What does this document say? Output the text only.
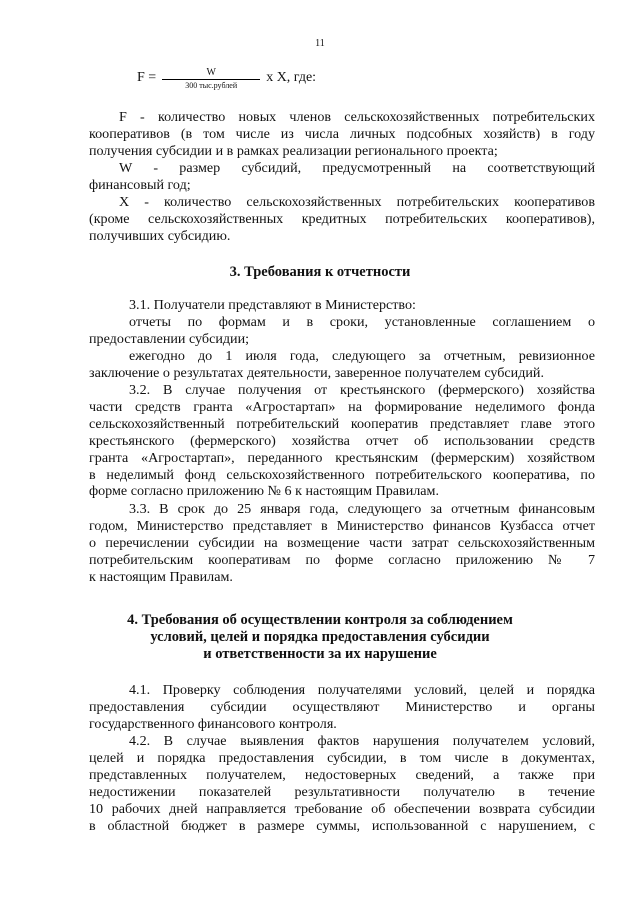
11
$F = \frac{W}{\text{300 тыс.рублей}}$ х X, где:
F - количество новых членов сельскохозяйственных потребительских
кооперативов (в том числе из числа личных подсобных хозяйств) в году
получения субсидии и в рамках реализации регионального проекта;
W - размер субсидий, предусмотренный на соответствующий
финансовый год;
X - количество сельскохозяйственных потребительских кооперативов
(кроме сельскохозяйственных кредитных потребительских кооперативов),
получивших субсидию.
3. Требования к отчетности
3.1. Получатели представляют в Министерство:
отчеты по формам и в сроки, установленные соглашением о
предоставлении субсидии;
ежегодно до 1 июля года, следующего за отчетным, ревизионное
заключение о результатах деятельности, заверенное получателем субсидий.
3.2. В случае получения от крестьянского (фермерского) хозяйства
части средств гранта «Агростартап» на формирование неделимого фонда
сельскохозяйственный потребительский кооператив представляет главе этого
крестьянского (фермерского) хозяйства отчет об использовании средств
гранта «Агростартап», переданного крестьянским (фермерским) хозяйством
в неделимый фонд сельскохозяйственного потребительского кооператива, по
форме согласно приложению № 6 к настоящим Правилам.
3.3. В срок до 25 января года, следующего за отчетным финансовым
годом, Министерство представляет в Министерство финансов Кузбасса отчет
о перечислении субсидии на возмещение части затрат сельскохозяйственным
потребительским кооперативам по форме согласно приложению № 7
к настоящим Правилам.
4. Требования об осуществлении контроля за соблюдением
условий, целей и порядка предоставления субсидии
и ответственности за их нарушение
4.1. Проверку соблюдения получателями условий, целей и порядка
предоставления субсидии осуществляют Министерство и органы
государственного финансового контроля.
4.2. В случае выявления фактов нарушения получателем условий,
целей и порядка предоставления субсидии, в том числе в документах,
представленных получателем, недостоверных сведений, а также при
недостижении показателей результативности получателю в течение
10 рабочих дней направляется требование об обеспечении возврата субсидии
в областной бюджет в размере суммы, использованной с нарушением, с
